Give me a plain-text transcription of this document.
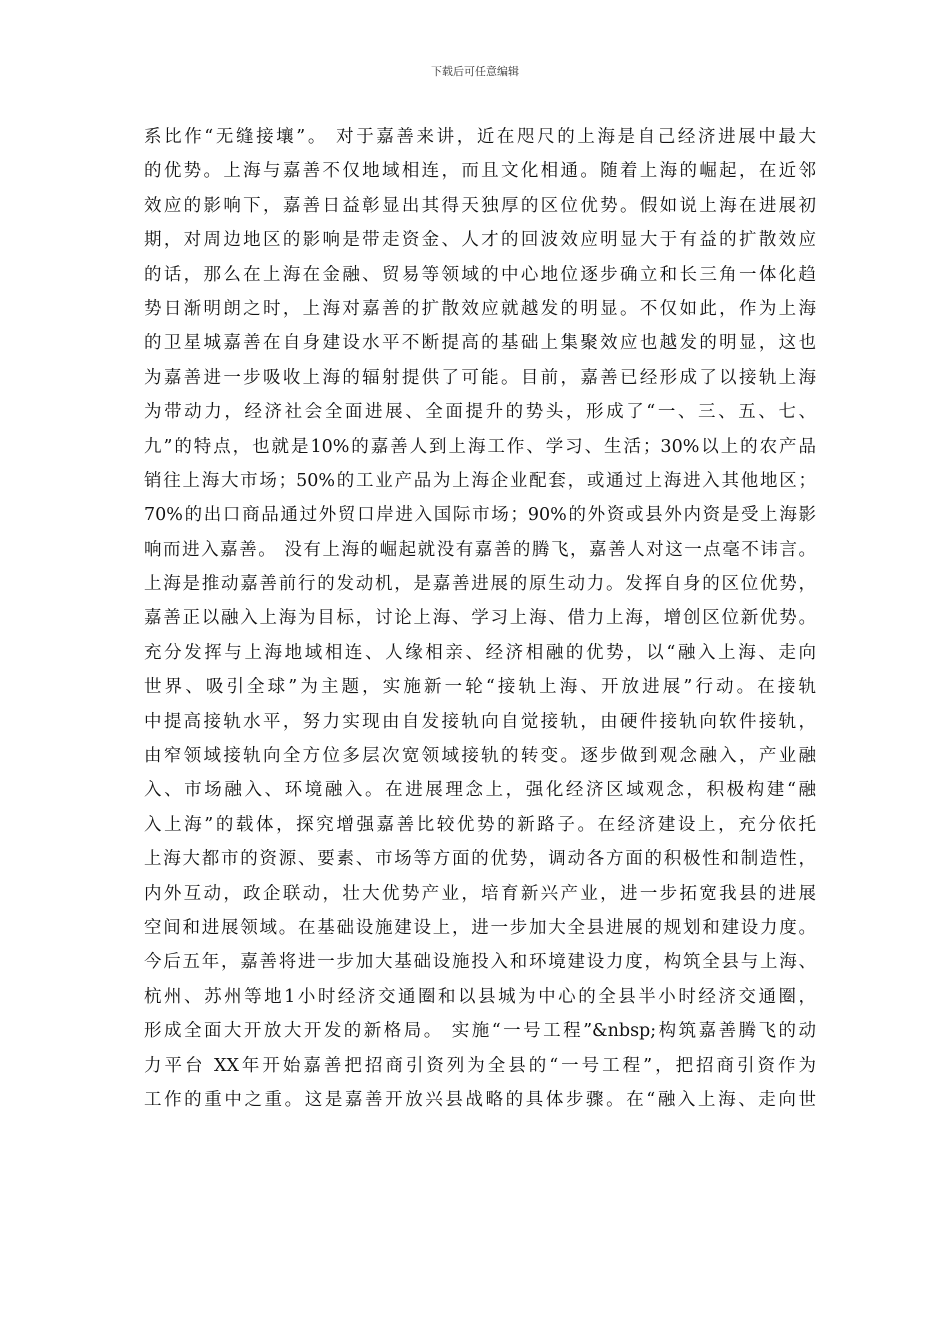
下载后可任意编辑
系比作“无缝接壤”。 对于嘉善来讲，近在咫尺的上海是自己经济进展中最大
的优势。上海与嘉善不仅地域相连，而且文化相通。随着上海的崛起，在近邻
效应的影响下，嘉善日益彰显出其得天独厚的区位优势。假如说上海在进展初
期，对周边地区的影响是带走资金、人才的回波效应明显大于有益的扩散效应
的话，那么在上海在金融、贸易等领域的中心地位逐步确立和长三角一体化趋
势日渐明朗之时，上海对嘉善的扩散效应就越发的明显。不仅如此，作为上海
的卫星城嘉善在自身建设水平不断提高的基础上集聚效应也越发的明显，这也
为嘉善进一步吸收上海的辐射提供了可能。目前，嘉善已经形成了以接轨上海
为带动力，经济社会全面进展、全面提升的势头，形成了“一、三、五、七、
九”的特点，也就是10%的嘉善人到上海工作、学习、生活；30%以上的农产品
销往上海大市场；50%的工业产品为上海企业配套，或通过上海进入其他地区；
70%的出口商品通过外贸口岸进入国际市场；90%的外资或县外内资是受上海影
响而进入嘉善。 没有上海的崛起就没有嘉善的腾飞，嘉善人对这一点毫不讳言。
上海是推动嘉善前行的发动机，是嘉善进展的原生动力。发挥自身的区位优势，
嘉善正以融入上海为目标，讨论上海、学习上海、借力上海，增创区位新优势。
充分发挥与上海地域相连、人缘相亲、经济相融的优势，以“融入上海、走向
世界、吸引全球”为主题，实施新一轮“接轨上海、开放进展”行动。在接轨
中提高接轨水平，努力实现由自发接轨向自觉接轨，由硬件接轨向软件接轨，
由窄领域接轨向全方位多层次宽领域接轨的转变。逐步做到观念融入，产业融
入、市场融入、环境融入。在进展理念上，强化经济区域观念，积极构建“融
入上海”的载体，探究增强嘉善比较优势的新路子。在经济建设上，充分依托
上海大都市的资源、要素、市场等方面的优势，调动各方面的积极性和制造性，
内外互动，政企联动，壮大优势产业，培育新兴产业，进一步拓宽我县的进展
空间和进展领域。在基础设施建设上，进一步加大全县进展的规划和建设力度。
今后五年，嘉善将进一步加大基础设施投入和环境建设力度，构筑全县与上海、
杭州、苏州等地1小时经济交通圈和以县城为中心的全县半小时经济交通圈，
形成全面大开放大开发的新格局。 实施“一号工程”&nbsp;构筑嘉善腾飞的动
力平台 XX年开始嘉善把招商引资列为全县的“一号工程”，把招商引资作为
工作的重中之重。这是嘉善开放兴县战略的具体步骤。在“融入上海、走向世
